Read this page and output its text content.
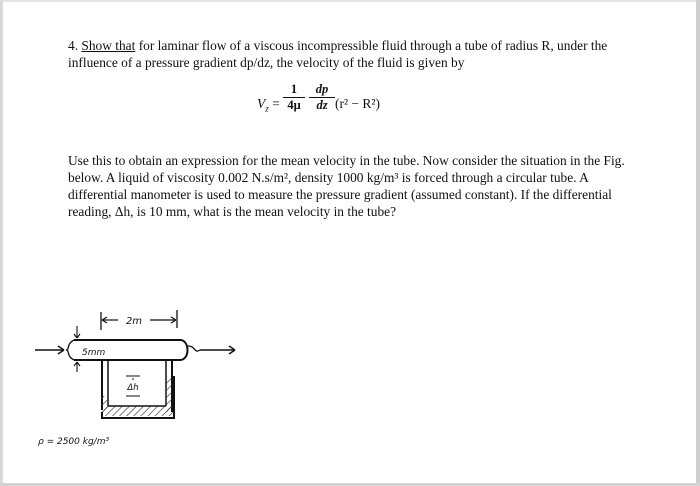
4. Show that for laminar flow of a viscous incompressible fluid through a tube of radius R, under the influence of a pressure gradient dp/dz, the velocity of the fluid is given by

$V_z$ =
1
4μ
dp
dz (r² − R²)

Use this to obtain an expression for the mean velocity in the tube. Now consider the situation in the Fig. below. A liquid of viscosity 0.002 N.s/m², density 1000 kg/m³ is forced through a circular tube. A differential manometer is used to measure the pressure gradient (assumed constant). If the differential reading, Δh, is 10 mm, what is the mean velocity in the tube?

2m
5mm
Δh
ρ = 2500 kg/m³
